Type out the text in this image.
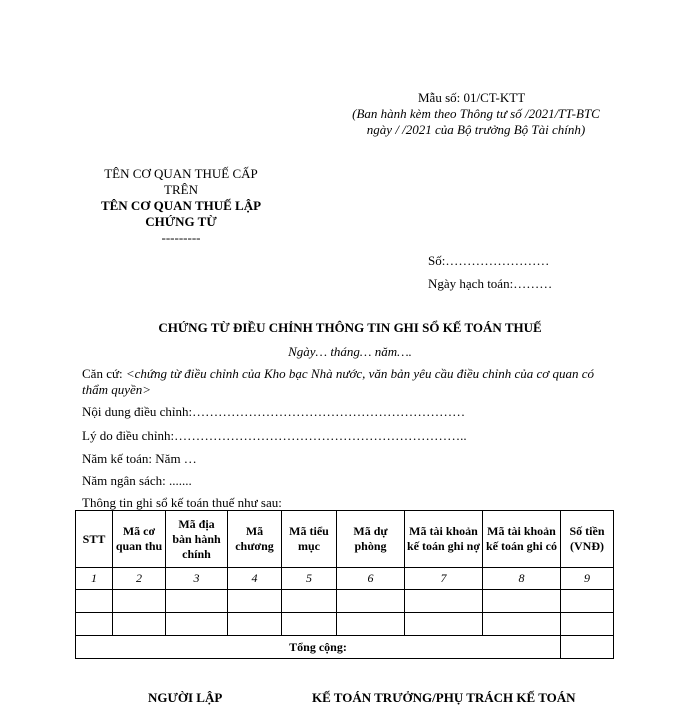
Mẫu số: 01/CT-KTT
(Ban hành kèm theo Thông tư số /2021/TT-BTC
ngày / /2021 của Bộ trưởng Bộ Tài chính)
TÊN CƠ QUAN THUẾ CẤP TRÊN
TÊN CƠ QUAN THUẾ LẬP CHỨNG TỪ
---------
Số:……………………
Ngày hạch toán:………
CHỨNG TỪ ĐIỀU CHỈNH THÔNG TIN GHI SỔ KẾ TOÁN THUẾ
Ngày… tháng… năm….
Căn cứ: <chứng từ điều chỉnh của Kho bạc Nhà nước, văn bản yêu cầu điều chỉnh của cơ quan có thẩm quyền>
Nội dung điều chỉnh:………………………………………………………
Lý do điều chỉnh:…………………………………………………………..
Năm kế toán: Năm …
Năm ngân sách: .......
Thông tin ghi sổ kế toán thuế như sau:
STT	Mã cơ quan thu	Mã địa bàn hành chính	Mã chương	Mã tiểu mục	Mã dự phòng	Mã tài khoản kế toán ghi nợ	Mã tài khoản kế toán ghi có	Số tiền (VNĐ)
1	2	3	4	5	6	7	8	9

Tổng cộng:								
NGƯỜI LẬP	KẾ TOÁN TRƯỞNG/PHỤ TRÁCH KẾ TOÁN
